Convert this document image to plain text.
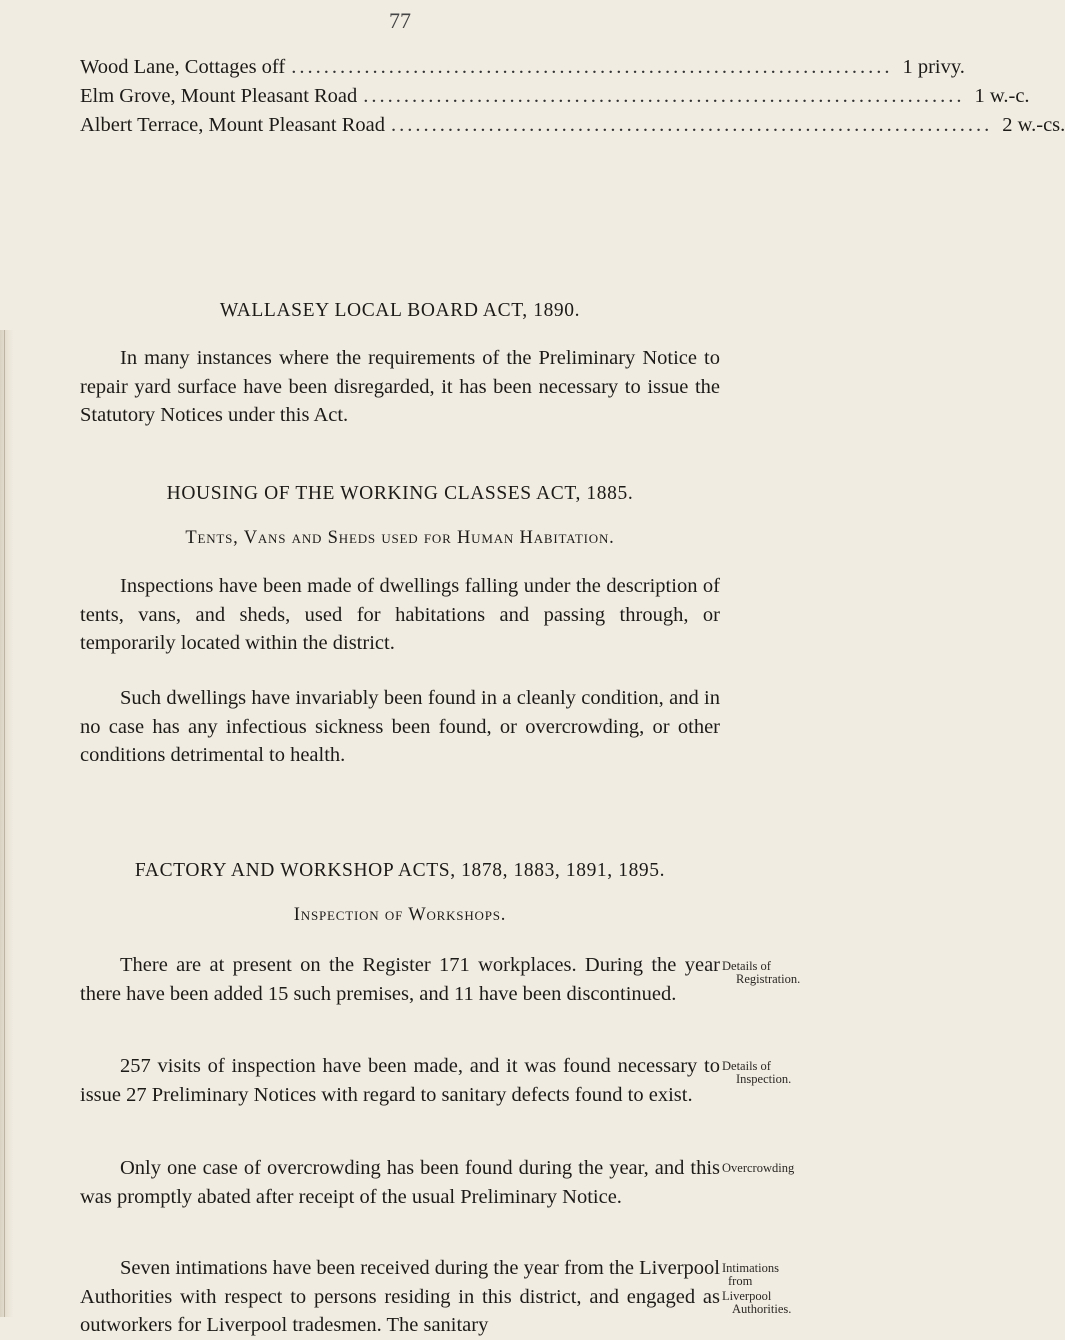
77
Wood Lane, Cottages off .......................................................................... 1 privy.
Elm Grove, Mount Pleasant Road .......................................................................... 1 w.-c.
Albert Terrace, Mount Pleasant Road .......................................................................... 2 w.-cs.
WALLASEY LOCAL BOARD ACT, 1890.

In many instances where the requirements of the Preliminary Notice to repair yard surface have been disregarded, it has been necessary to issue the Statutory Notices under this Act.

HOUSING OF THE WORKING CLASSES ACT, 1885.
Tents, Vans and Sheds used for Human Habitation.

Inspections have been made of dwellings falling under the description of tents, vans, and sheds, used for habitations and passing through, or temporarily located within the district.

Such dwellings have invariably been found in a cleanly condition, and in no case has any infectious sickness been found, or overcrowding, or other conditions detrimental to health.

FACTORY AND WORKSHOP ACTS, 1878, 1883, 1891, 1895.
Inspection of Workshops.

There are at present on the Register 171 workplaces. During the year there have been added 15 such premises, and 11 have been discontinued.

257 visits of inspection have been made, and it was found necessary to issue 27 Preliminary Notices with regard to sanitary defects found to exist.

Only one case of overcrowding has been found during the year, and this was promptly abated after receipt of the usual Preliminary Notice.

Seven intimations have been received during the year from the Liverpool Authorities with respect to persons residing in this district, and engaged as outworkers for Liverpool tradesmen. The sanitary

Details of
Registration.
Details of
Inspection.
Overcrowding
Intimations
from
Liverpool
Authorities.
